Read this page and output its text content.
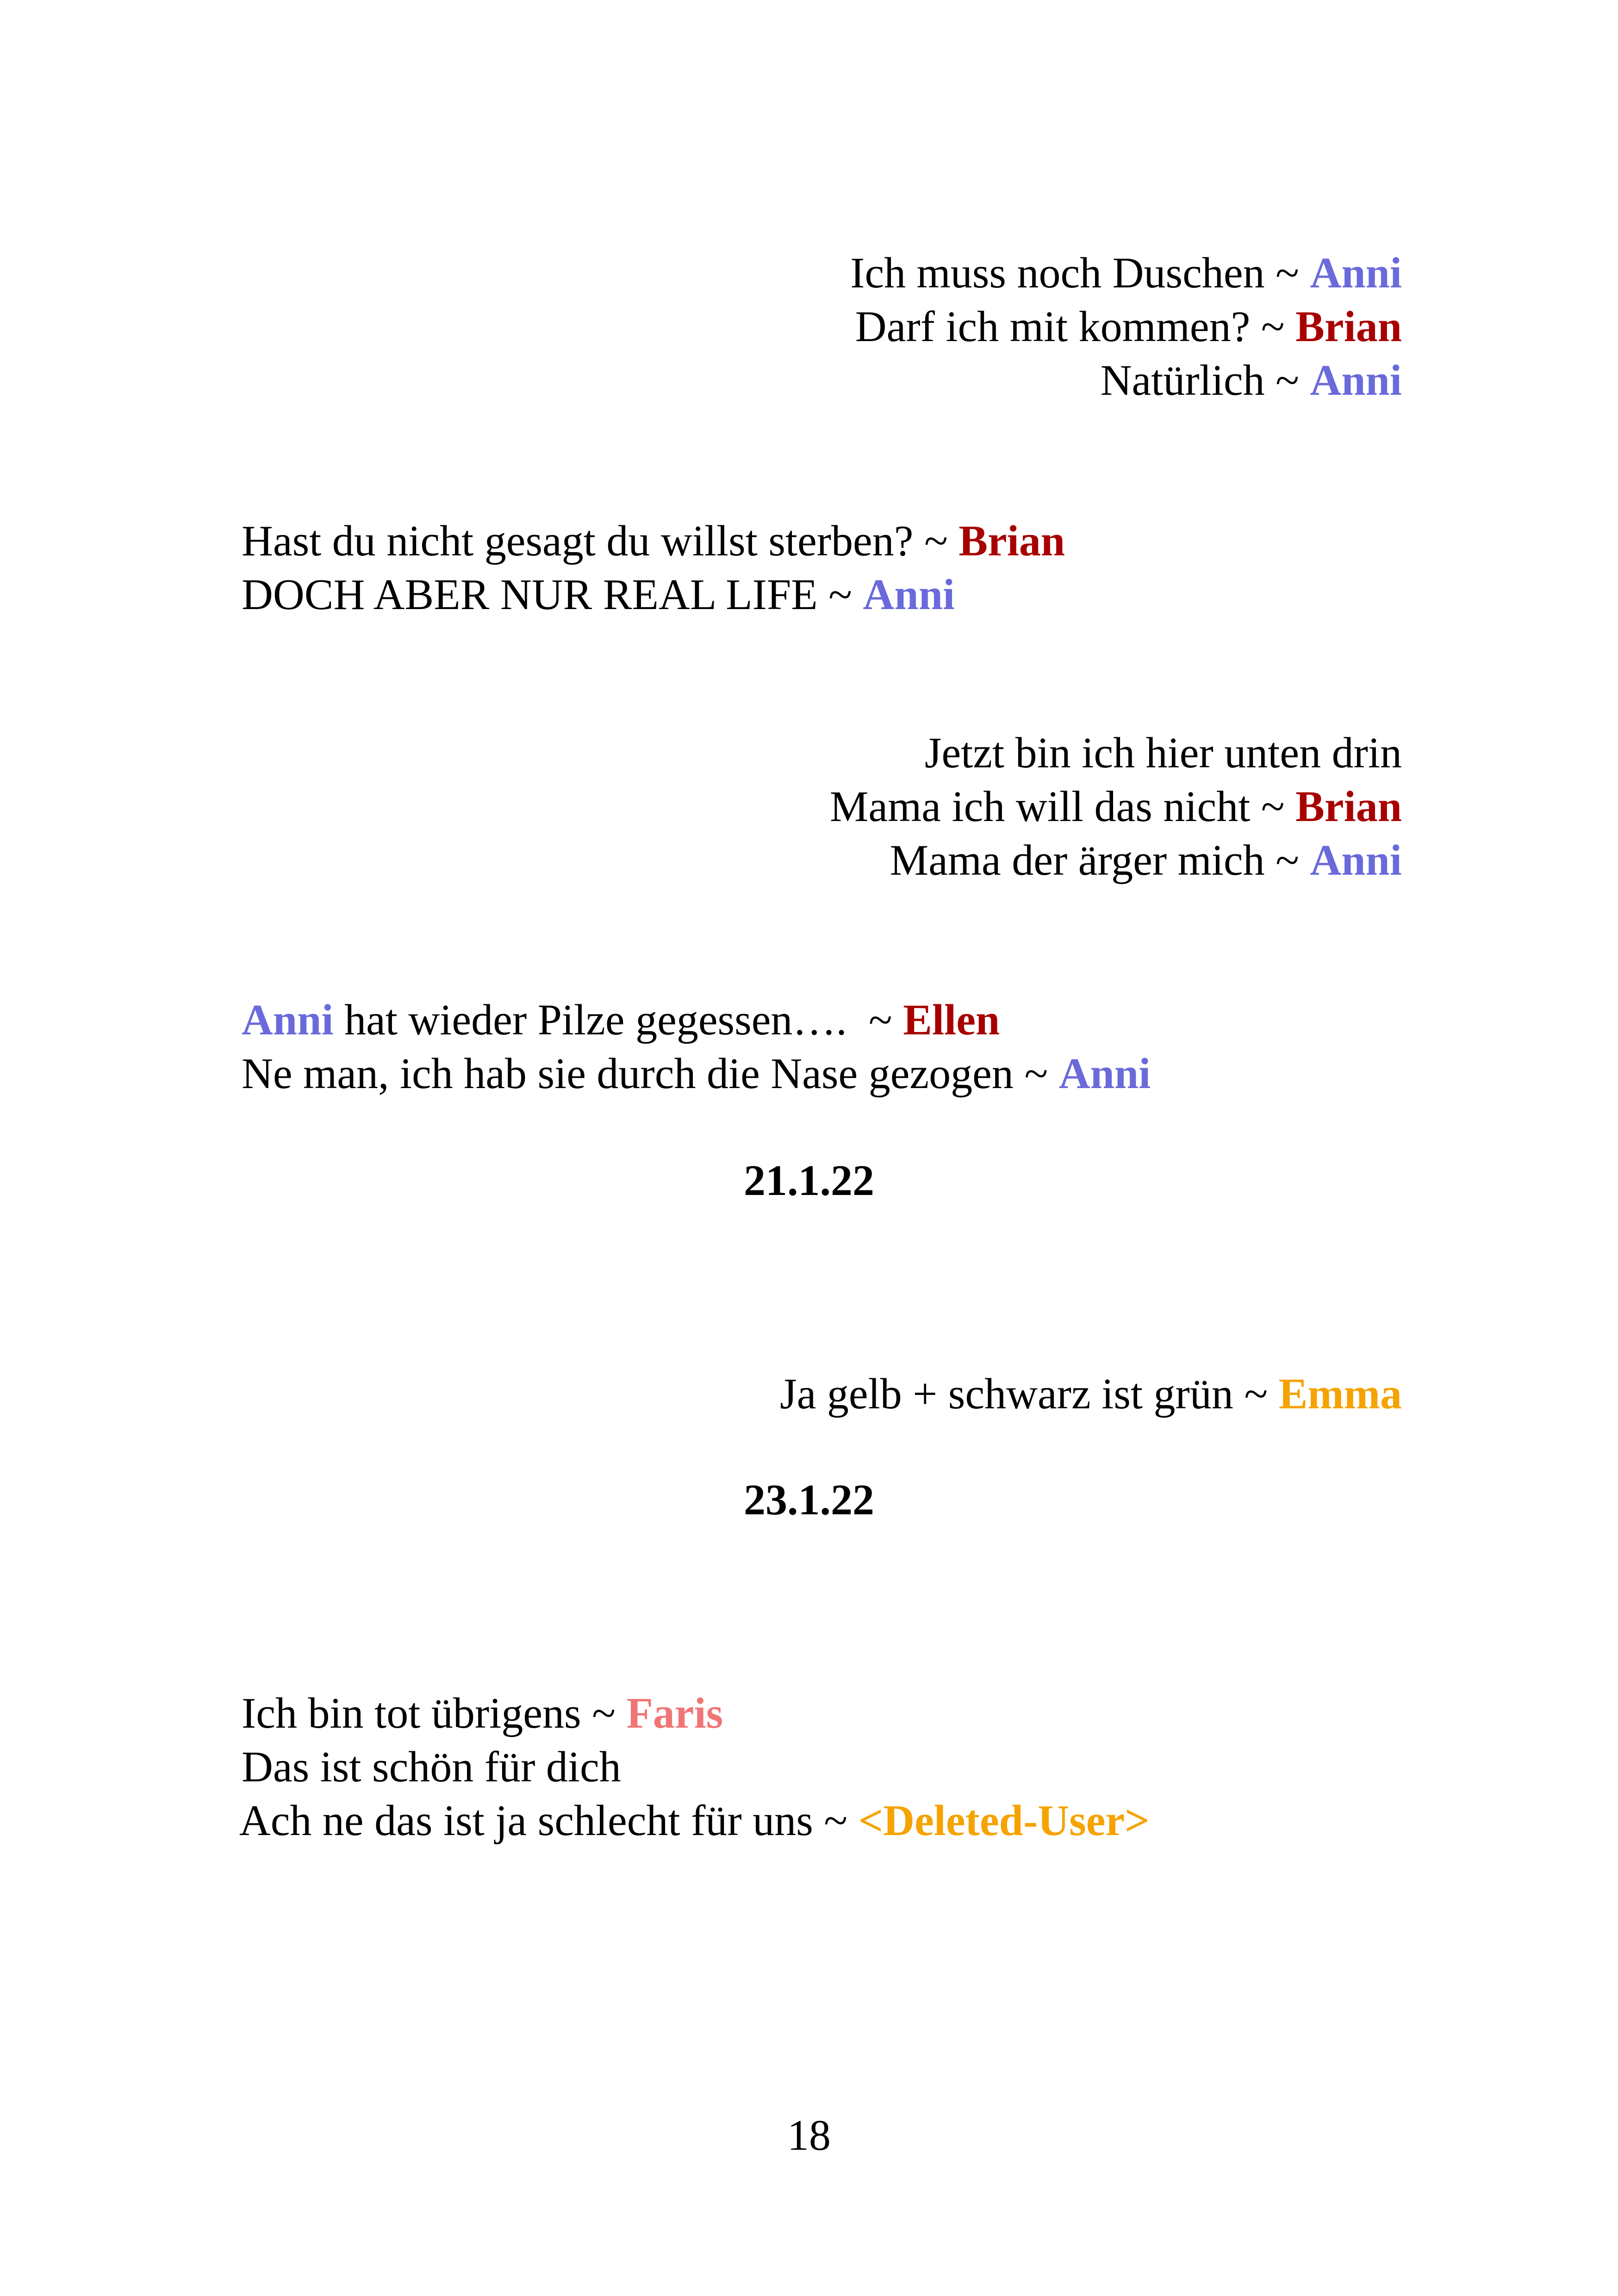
Ich muss noch Duschen ~ Anni

Darf ich mit kommen? ~ Brian

Natürlich ~ Anni

Hast du nicht gesagt du willst sterben? ~ Brian

DOCH ABER NUR REAL LIFE ~ Anni

Jetzt bin ich hier unten drin

Mama ich will das nicht ~ Brian

Mama der ärger mich ~ Anni

Anni hat wieder Pilze gegessen….  ~ Ellen

Ne man, ich hab sie durch die Nase gezogen ~ Anni

21.1.22

Ja gelb + schwarz ist grün ~ Emma

23.1.22

Ich bin tot übrigens ~ Faris

Das ist schön für dich

Ach ne das ist ja schlecht für uns ~ <Deleted-User>

18
